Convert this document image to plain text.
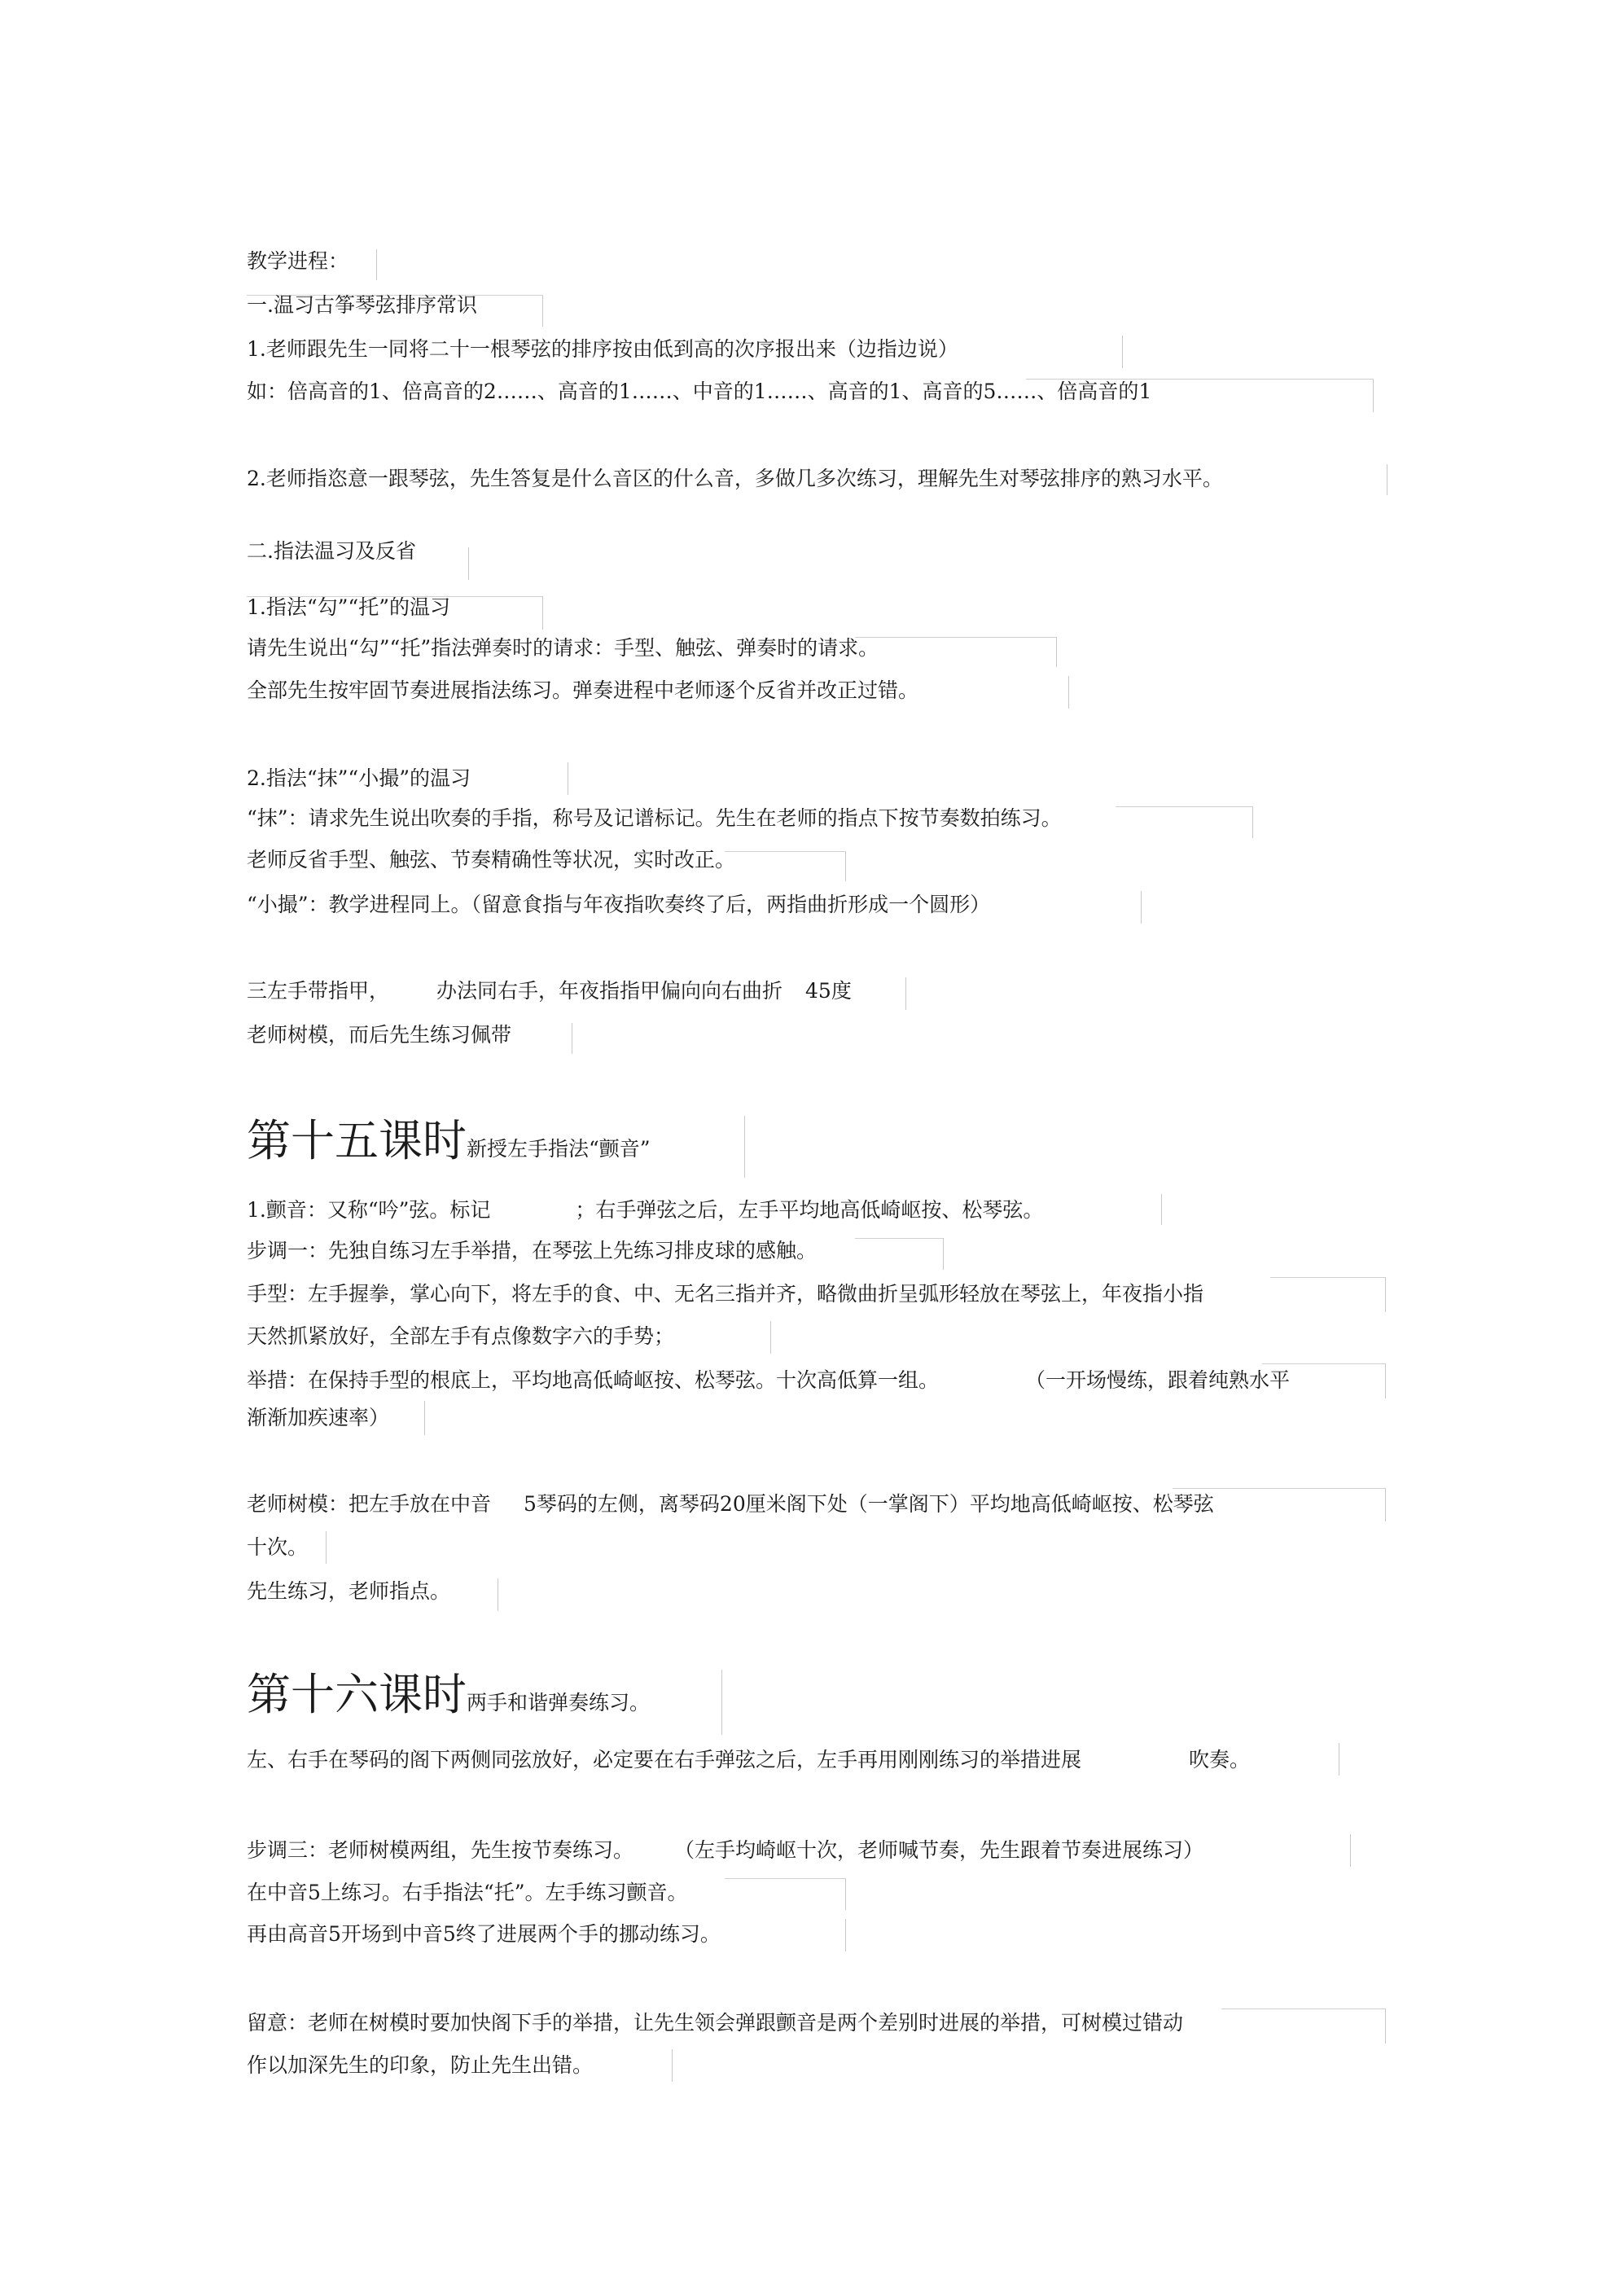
教学进程：
一.温习古筝琴弦排序常识
1.老师跟先生一同将二十一根琴弦的排序按由低到高的次序报出来（边指边说）
如：倍高音的1、倍高音的2……、高音的1……、中音的1……、高音的1、高音的5……、倍高音的1
2.老师指恣意一跟琴弦，先生答复是什么音区的什么音，多做几多次练习，理解先生对琴弦排序的熟习水平。
二.指法温习及反省
1.指法“勾”“托”的温习
请先生说出“勾”“托”指法弹奏时的请求：手型、触弦、弹奏时的请求。
全部先生按牢固节奏进展指法练习。弹奏进程中老师逐个反省并改正过错。
2.指法“抹”“小撮”的温习
“抹”：请求先生说出吹奏的手指，称号及记谱标记。先生在老师的指点下按节奏数拍练习。
老师反省手型、触弦、节奏精确性等状况，实时改正。
“小撮”：教学进程同上。（留意食指与年夜指吹奏终了后，两指曲折形成一个圆形）
三左手带指甲， 办法同右手，年夜指指甲偏向向右曲折 45度
老师树模，而后先生练习佩带
第十五课时新授左手指法“颤音”
1.颤音：又称“吟”弦。标记	；右手弹弦之后，左手平均地高低崎岖按、松琴弦。
步调一：先独自练习左手举措，在琴弦上先练习排皮球的感触。
手型：左手握拳，掌心向下，将左手的食、中、无名三指并齐，略微曲折呈弧形轻放在琴弦上，年夜指小指
天然抓紧放好，全部左手有点像数字六的手势；
举措：在保持手型的根底上，平均地高低崎岖按、松琴弦。十次高低算一组。	（一开场慢练，跟着纯熟水平
渐渐加疾速率）
老师树模：把左手放在中音 5琴码的左侧，离琴码20厘米阁下处（一掌阁下）平均地高低崎岖按、松琴弦
十次。
先生练习，老师指点。
第十六课时两手和谐弹奏练习。
左、右手在琴码的阁下两侧同弦放好，必定要在右手弹弦之后，左手再用刚刚练习的举措进展	吹奏。
步调三：老师树模两组，先生按节奏练习。 （左手均崎岖十次，老师喊节奏，先生跟着节奏进展练习）
在中音5上练习。右手指法“托”。左手练习颤音。
再由高音5开场到中音5终了进展两个手的挪动练习。
留意：老师在树模时要加快阁下手的举措，让先生领会弹跟颤音是两个差别时进展的举措，可树模过错动
作以加深先生的印象，防止先生出错。
